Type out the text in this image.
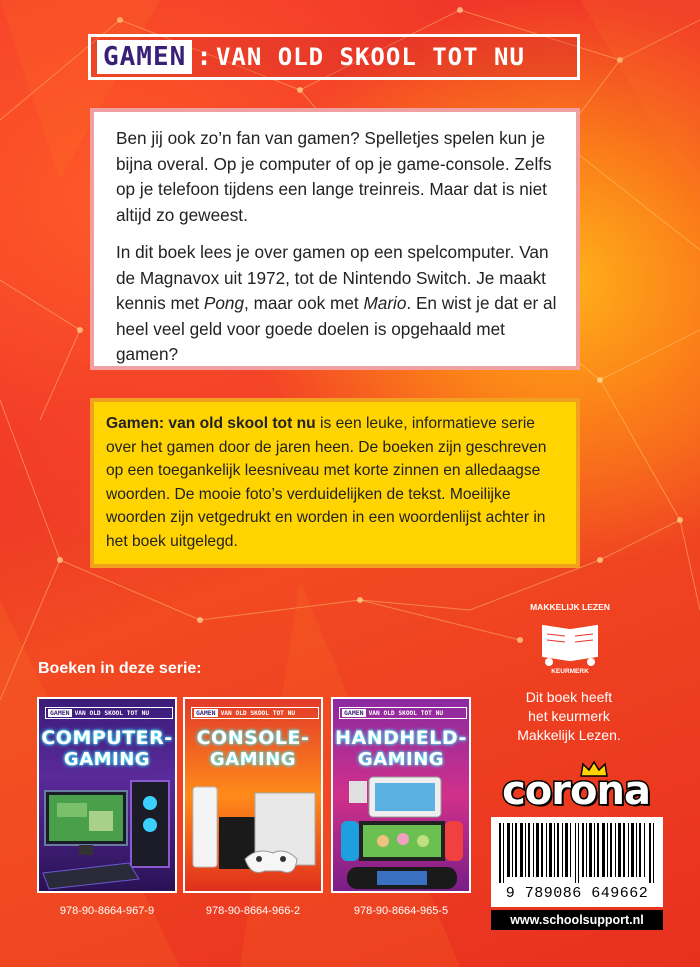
GAMEN : VAN OLD SKOOL TOT NU

Ben jij ook zo’n fan van gamen? Spelletjes spelen kun je bijna overal. Op je computer of op je game-console. Zelfs op je telefoon tijdens een lange treinreis. Maar dat is niet altijd zo geweest.

In dit boek lees je over gamen op een spelcomputer. Van de Magnavox uit 1972, tot de Nintendo Switch. Je maakt kennis met Pong, maar ook met Mario. En wist je dat er al heel veel geld voor goede doelen is opgehaald met gamen?

Gamen: van old skool tot nu is een leuke, informatieve serie over het gamen door de jaren heen. De boeken zijn geschreven op een toegankelijk leesniveau met korte zinnen en alledaagse woorden. De mooie foto’s verduidelijken de tekst. Moeilijke woorden zijn vetgedrukt en worden in een woordenlijst achter in het boek uitgelegd.
Boeken in deze serie:
GAMEN VAN OLD SKOOL TOT NU
COMPUTER-
GAMING
978-90-8664-967-9
GAMEN VAN OLD SKOOL TOT NU
CONSOLE-
GAMING
978-90-8664-966-2
GAMEN VAN OLD SKOOL TOT NU
HANDHELD-
GAMING
978-90-8664-965-5
MAKKELIJK LEZEN
KEURMERK
Dit boek heeft
het keurmerk
Makkelijk Lezen.
corona
9 789086 649662
www.schoolsupport.nl
